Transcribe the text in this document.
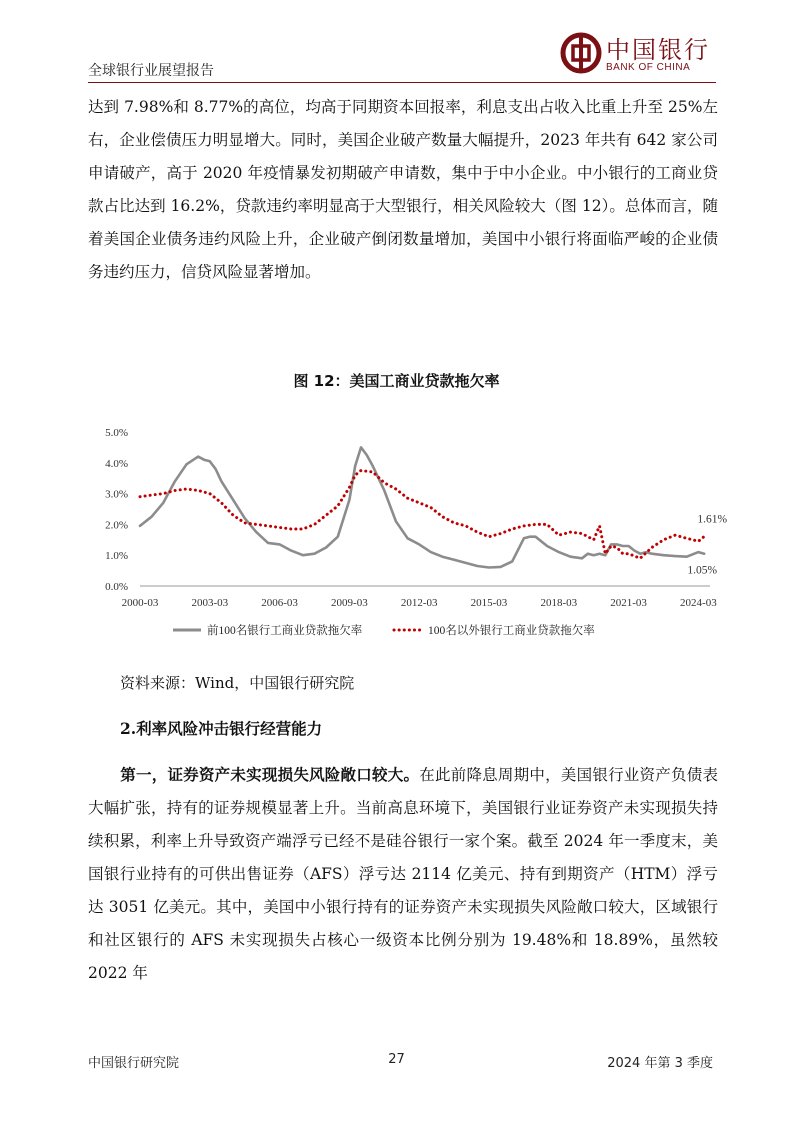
全球银行业展望报告
中国银行
BANK OF CHINA

达到 7.98%和 8.77%的高位，均高于同期资本回报率，利息支出占收入比重上升至 25%左右，企业偿债压力明显增大。同时，美国企业破产数量大幅提升，2023 年共有 642 家公司申请破产，高于 2020 年疫情暴发初期破产申请数，集中于中小企业。中小银行的工商业贷款占比达到 16.2%，贷款违约率明显高于大型银行，相关风险较大（图 12）。总体而言，随着美国企业债务违约风险上升，企业破产倒闭数量增加，美国中小银行将面临严峻的企业债务违约压力，信贷风险显著增加。

图 12：美国工商业贷款拖欠率
0.0%
1.0%
2.0%
3.0%
4.0%
5.0%
2000-03	2003-03	2006-03	2009-03	2012-03	2015-03	2018-03	2021-03	2024-03
1.61%
1.05%
前100名银行工商业贷款拖欠率	100名以外银行工商业贷款拖欠率
资料来源：Wind，中国银行研究院
2.利率风险冲击银行经营能力

第一，证券资产未实现损失风险敞口较大。在此前降息周期中，美国银行业资产负债表大幅扩张，持有的证券规模显著上升。当前高息环境下，美国银行业证券资产未实现损失持续积累，利率上升导致资产端浮亏已经不是硅谷银行一家个案。截至 2024 年一季度末，美国银行业持有的可供出售证券（AFS）浮亏达 2114 亿美元、持有到期资产（HTM）浮亏达 3051 亿美元。其中，美国中小银行持有的证券资产未实现损失风险敞口较大，区域银行和社区银行的 AFS 未实现损失占核心一级资本比例分别为 19.48%和 18.89%，虽然较 2022 年

中国银行研究院	27	2024 年第 3 季度
